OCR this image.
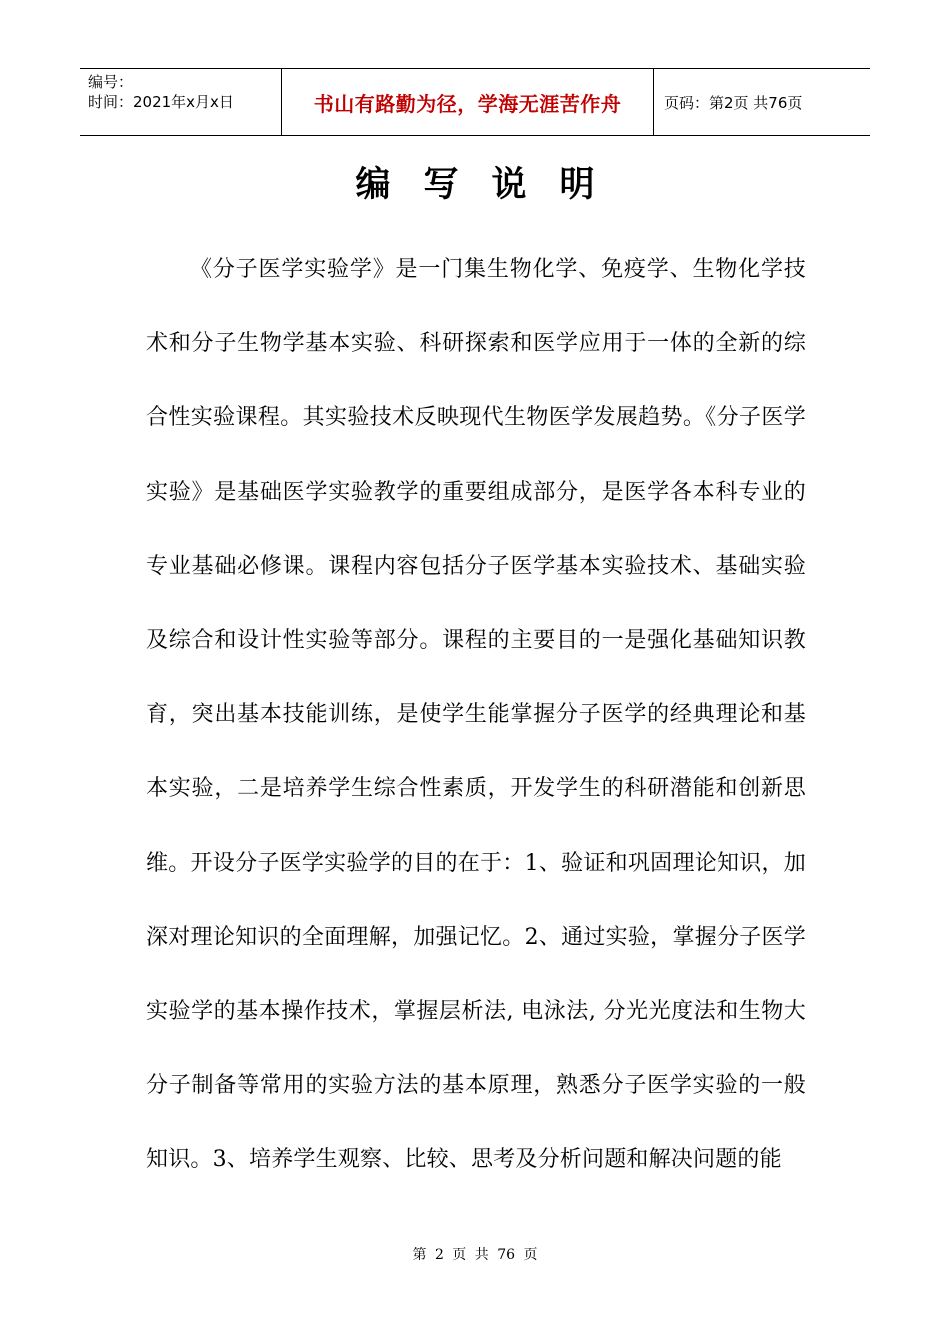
编号：
时间：2021年x月x日	书山有路勤为径，学海无涯苦作舟	页码：第2页 共76页
编写说明

《分子医学实验学》是一门集生物化学、免疫学、生物化学技术和分子生物学基本实验、科研探索和医学应用于一体的全新的综合性实验课程。其实验技术反映现代生物医学发展趋势。《分子医学实验》是基础医学实验教学的重要组成部分，是医学各本科专业的专业基础必修课。课程内容包括分子医学基本实验技术、基础实验及综合和设计性实验等部分。课程的主要目的一是强化基础知识教育，突出基本技能训练，是使学生能掌握分子医学的经典理论和基本实验，二是培养学生综合性素质，开发学生的科研潜能和创新思维。开设分子医学实验学的目的在于：1、验证和巩固理论知识，加深对理论知识的全面理解，加强记忆。2、通过实验，掌握分子医学实验学的基本操作技术，掌握层析法, 电泳法, 分光光度法和生物大分子制备等常用的实验方法的基本原理，熟悉分子医学实验的一般知识。3、培养学生观察、比较、思考及分析问题和解决问题的能

第 2 页 共 76 页
